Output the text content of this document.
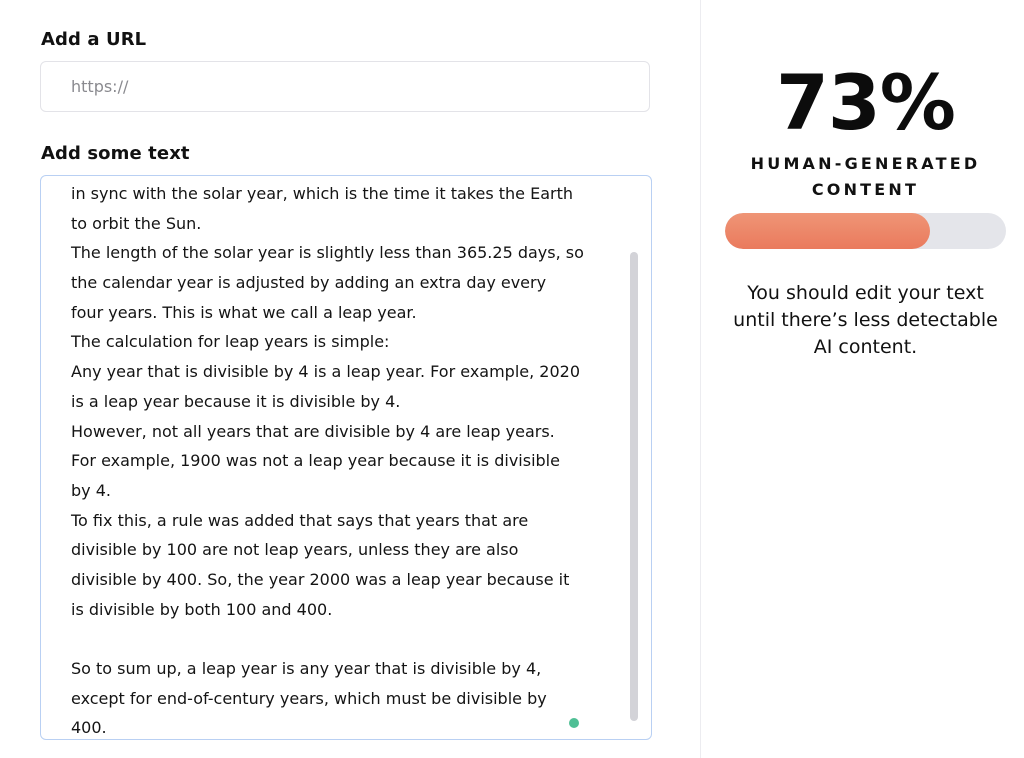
Add a URL
https://
Add some text
in sync with the solar year, which is the time it takes the Earth
to orbit the Sun.
The length of the solar year is slightly less than 365.25 days, so
the calendar year is adjusted by adding an extra day every
four years. This is what we call a leap year.
The calculation for leap years is simple:
Any year that is divisible by 4 is a leap year. For example, 2020
is a leap year because it is divisible by 4.
However, not all years that are divisible by 4 are leap years.
For example, 1900 was not a leap year because it is divisible
by 4.
To fix this, a rule was added that says that years that are
divisible by 100 are not leap years, unless they are also
divisible by 400. So, the year 2000 was a leap year because it
is divisible by both 100 and 400.
So to sum up, a leap year is any year that is divisible by 4,
except for end-of-century years, which must be divisible by
400.
73%
HUMAN-GENERATED
CONTENT
You should edit your text
until there’s less detectable
AI content.
